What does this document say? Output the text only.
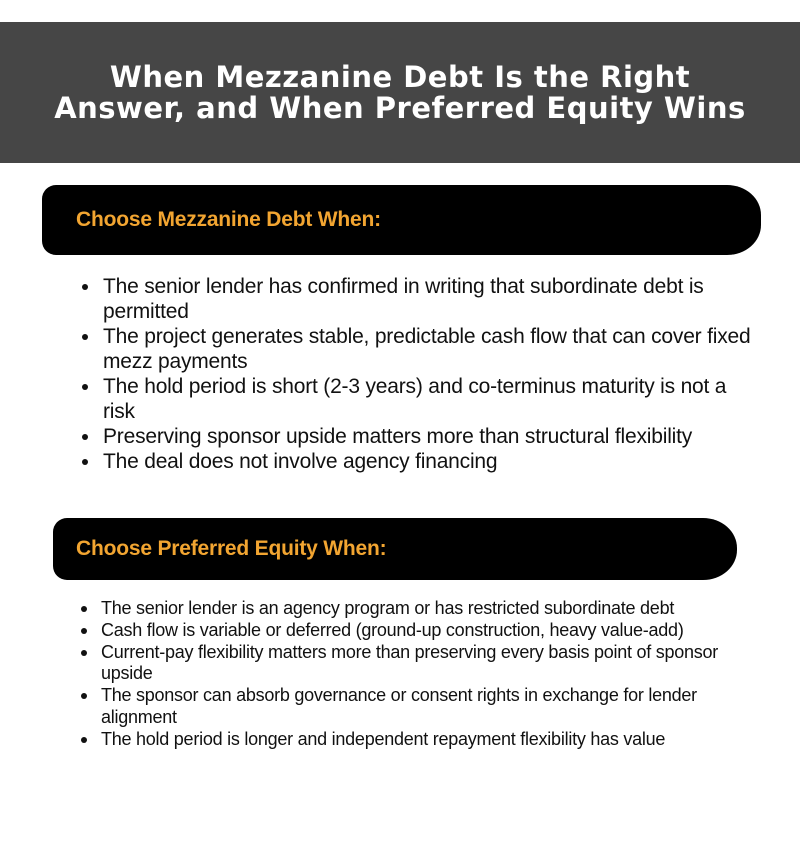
When Mezzanine Debt Is the Right Answer, and When Preferred Equity Wins
Choose Mezzanine Debt When:
The senior lender has confirmed in writing that subordinate debt is permitted
The project generates stable, predictable cash flow that can cover fixed mezz payments
The hold period is short (2-3 years) and co-terminus maturity is not a risk
Preserving sponsor upside matters more than structural flexibility
The deal does not involve agency financing
Choose Preferred Equity When:
The senior lender is an agency program or has restricted subordinate debt
Cash flow is variable or deferred (ground-up construction, heavy value-add)
Current-pay flexibility matters more than preserving every basis point of sponsor upside
The sponsor can absorb governance or consent rights in exchange for lender alignment
The hold period is longer and independent repayment flexibility has value
